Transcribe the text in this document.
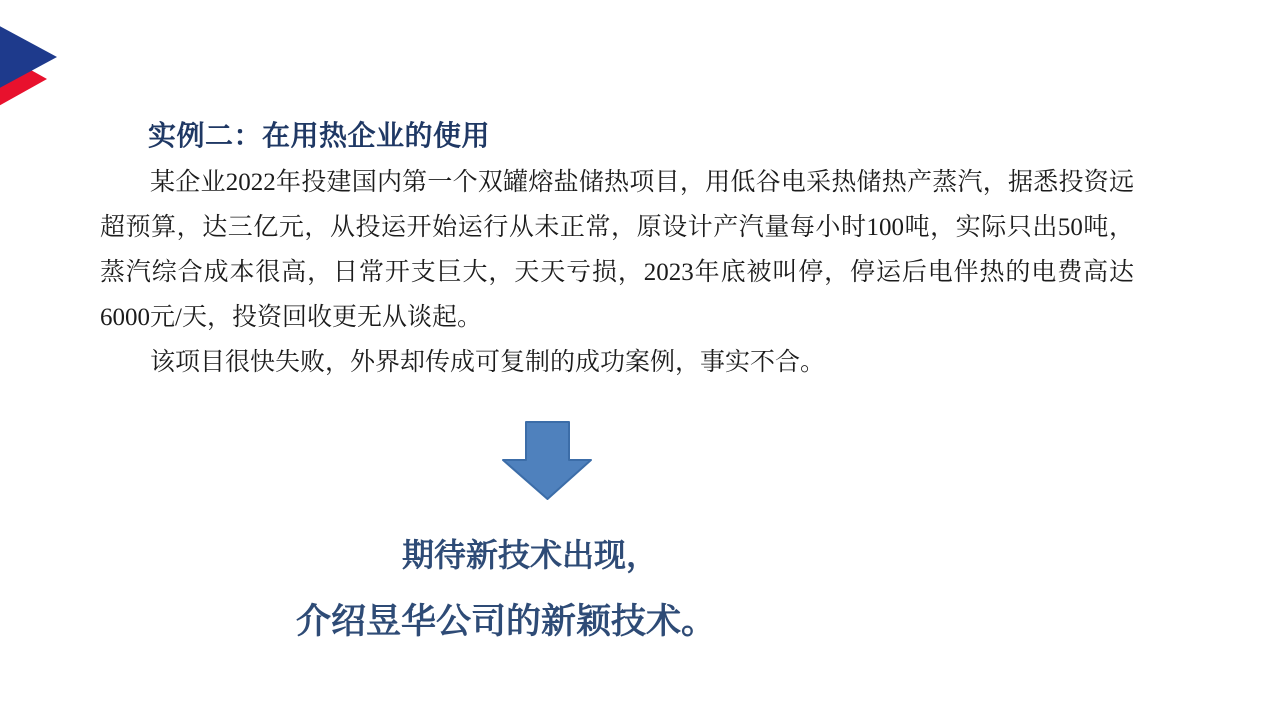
实例二：在用热企业的使用

某企业2022年投建国内第一个双罐熔盐储热项目，用低谷电采热储热产蒸汽，据悉投资远超预算，达三亿元，从投运开始运行从未正常，原设计产汽量每小时100吨，实际只出50吨，蒸汽综合成本很高，日常开支巨大，天天亏损，2023年底被叫停，停运后电伴热的电费高达6000元/天，投资回收更无从谈起。

该项目很快失败，外界却传成可复制的成功案例，事实不合。

期待新技术出现，
介绍昱华公司的新颖技术。
